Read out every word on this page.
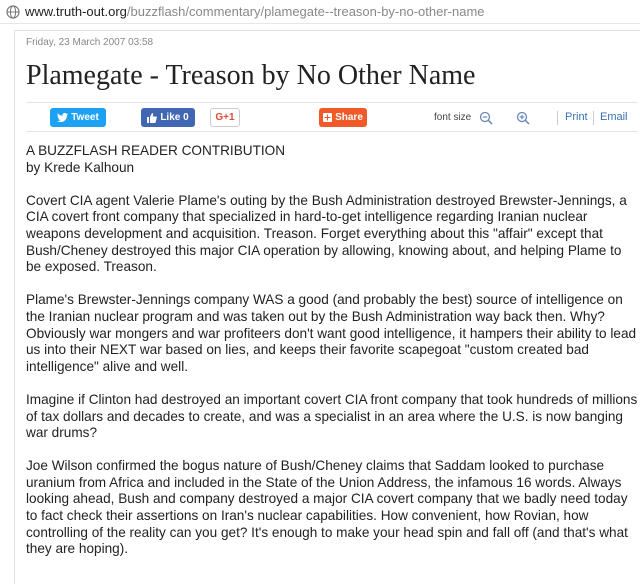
www.truth-out.org /buzzflash/commentary/plamegate--treason-by-no-other-name
Friday, 23 March 2007 03:58
Plamegate - Treason by No Other Name
Tweet	Like 0	G+1	Share	font size	Print Email

A BUZZFLASH READER CONTRIBUTION
by Krede Kalhoun

Covert CIA agent Valerie Plame's outing by the Bush Administration destroyed Brewster-Jennings, a CIA covert front company that specialized in hard-to-get intelligence regarding Iranian nuclear weapons development and acquisition. Treason. Forget everything about this "affair" except that Bush/Cheney destroyed this major CIA operation by allowing, knowing about, and helping Plame to be exposed. Treason.

Plame's Brewster-Jennings company WAS a good (and probably the best) source of intelligence on the Iranian nuclear program and was taken out by the Bush Administration way back then. Why? Obviously war mongers and war profiteers don't want good intelligence, it hampers their ability to lead us into their NEXT war based on lies, and keeps their favorite scapegoat "custom created bad intelligence" alive and well.

Imagine if Clinton had destroyed an important covert CIA front company that took hundreds of millions of tax dollars and decades to create, and was a specialist in an area where the U.S. is now banging war drums?

Joe Wilson confirmed the bogus nature of Bush/Cheney claims that Saddam looked to purchase uranium from Africa and included in the State of the Union Address, the infamous 16 words. Always looking ahead, Bush and company destroyed a major CIA covert company that we badly need today to fact check their assertions on Iran's nuclear capabilities. How convenient, how Rovian, how controlling of the reality can you get? It's enough to make your head spin and fall off (and that's what they are hoping).
